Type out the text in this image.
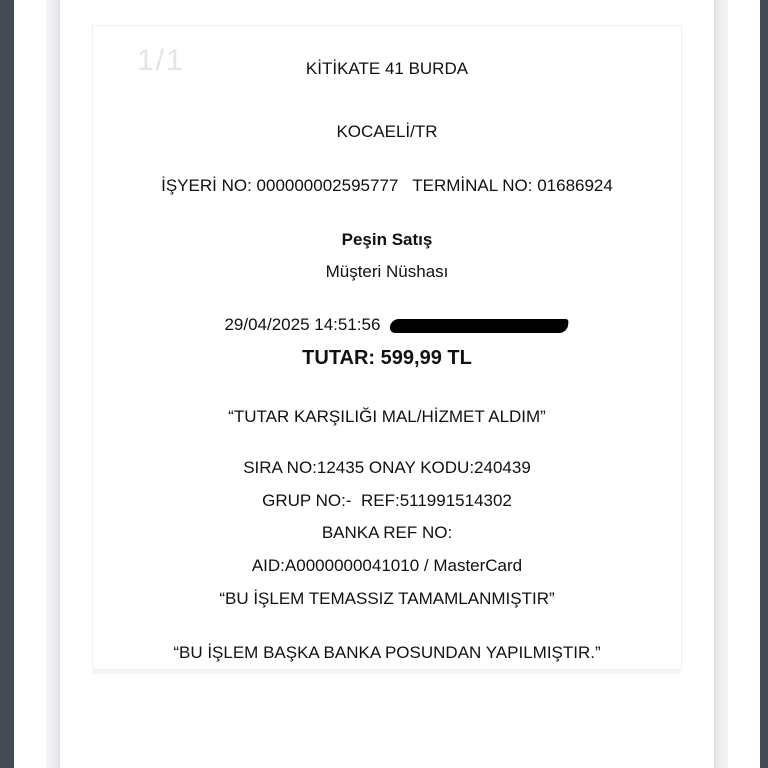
1/1	KİTİKATE 41 BURDA
KOCAELİ/TR
İŞYERİ NO: 000000002595777   TERMİNAL NO: 01686924
Peşin Satış
Müşteri Nüshası

29/04/2025 14:51:56

TUTAR: 599,99 TL
“TUTAR KARŞILIĞI MAL/HİZMET ALDIM”
SIRA NO:12435 ONAY KODU:240439
GRUP NO:-  REF:511991514302
BANKA REF NO:
AID:A0000000041010 / MasterCard
“BU İŞLEM TEMASSIZ TAMAMLANMIŞTIR”
“BU İŞLEM BAŞKA BANKA POSUNDAN YAPILMIŞTIR.”
